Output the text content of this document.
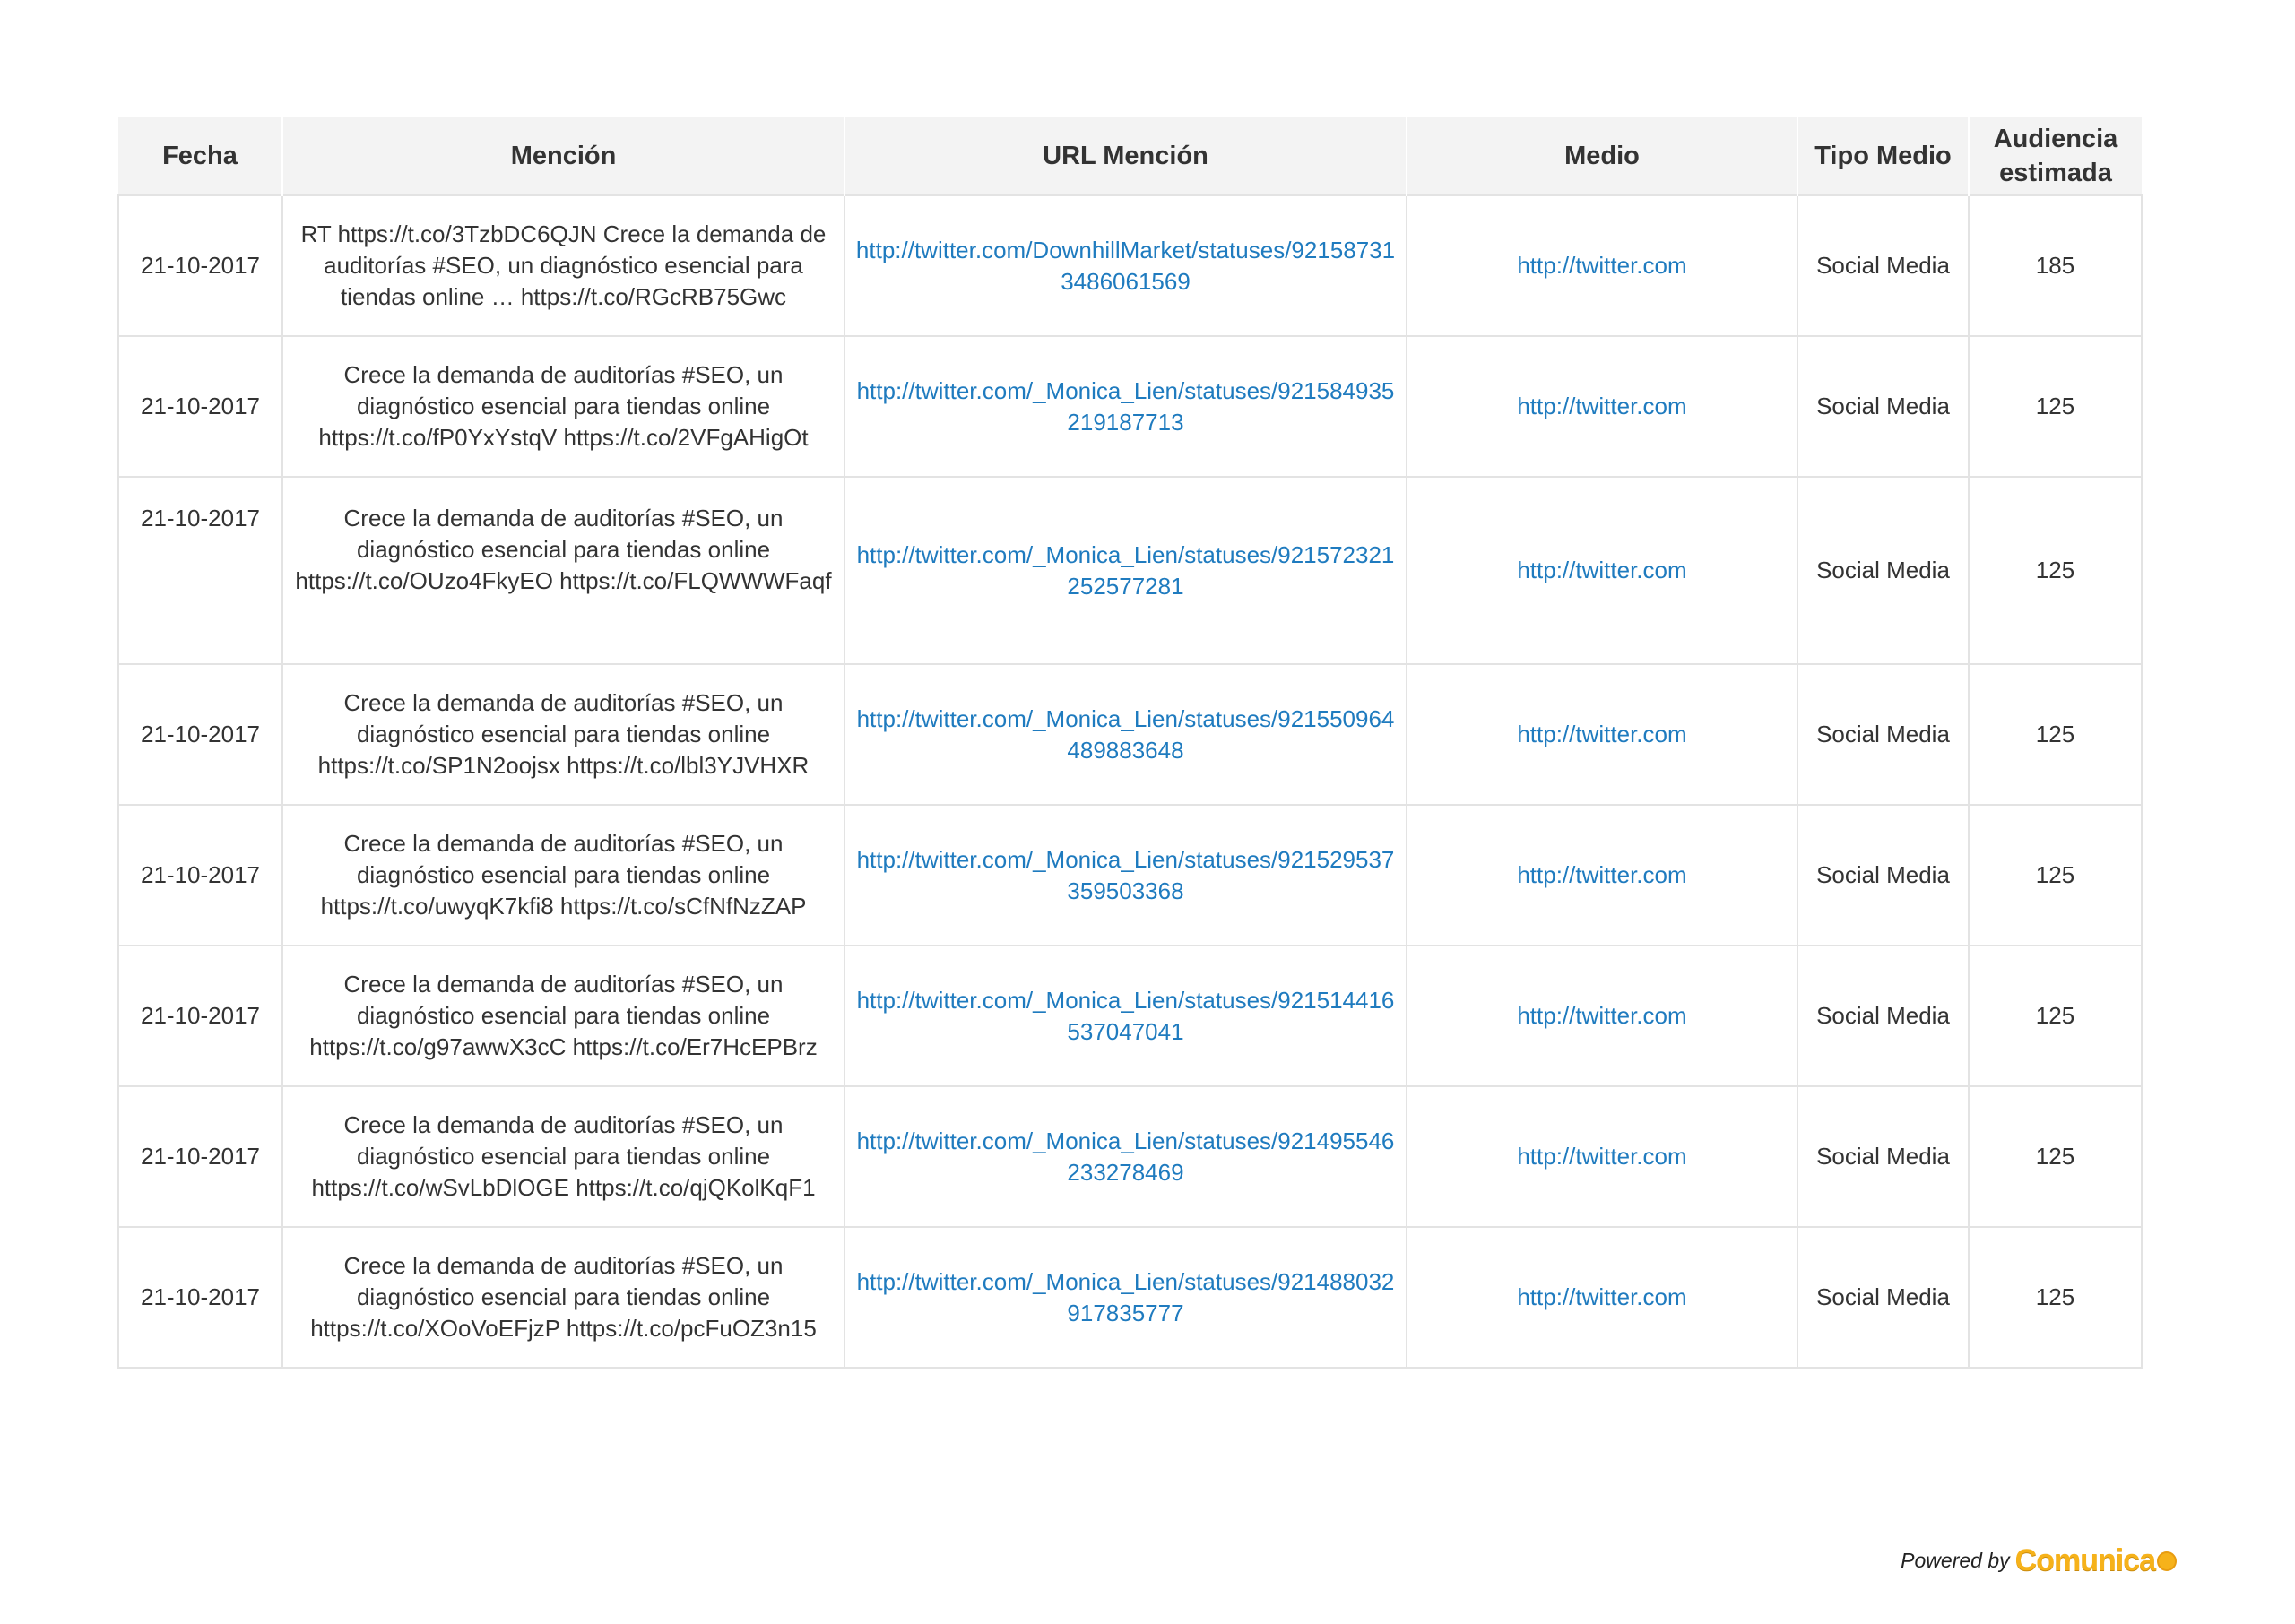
Fecha	Mención	URL Mención	Medio	Tipo Medio	Audiencia
estimada
21-10-2017	RT https://t.co/3TzbDC6QJN Crece la demanda de auditorías #SEO, un diagnóstico esencial para tiendas online … https://t.co/RGcRB75Gwc	http://twitter.com/DownhillMarket/statuses/921587313486061569	http://twitter.com	Social Media	185
21-10-2017	Crece la demanda de auditorías #SEO, un diagnóstico esencial para tiendas online https://t.co/fP0YxYstqV https://t.co/2VFgAHigOt	http://twitter.com/_Monica_Lien/statuses/921584935219187713	http://twitter.com	Social Media	125
21-10-2017	Crece la demanda de auditorías #SEO, un diagnóstico esencial para tiendas online https://t.co/OUzo4FkyEO https://t.co/FLQWWWFaqf	http://twitter.com/_Monica_Lien/statuses/921572321252577281	http://twitter.com	Social Media	125
21-10-2017	Crece la demanda de auditorías #SEO, un diagnóstico esencial para tiendas online https://t.co/SP1N2oojsx https://t.co/lbl3YJVHXR	http://twitter.com/_Monica_Lien/statuses/921550964489883648	http://twitter.com	Social Media	125
21-10-2017	Crece la demanda de auditorías #SEO, un diagnóstico esencial para tiendas online https://t.co/uwyqK7kfi8 https://t.co/sCfNfNzZAP	http://twitter.com/_Monica_Lien/statuses/921529537359503368	http://twitter.com	Social Media	125
21-10-2017	Crece la demanda de auditorías #SEO, un diagnóstico esencial para tiendas online https://t.co/g97awwX3cC https://t.co/Er7HcEPBrz	http://twitter.com/_Monica_Lien/statuses/921514416537047041	http://twitter.com	Social Media	125
21-10-2017	Crece la demanda de auditorías #SEO, un diagnóstico esencial para tiendas online https://t.co/wSvLbDlOGE https://t.co/qjQKolKqF1	http://twitter.com/_Monica_Lien/statuses/921495546233278469	http://twitter.com	Social Media	125
21-10-2017	Crece la demanda de auditorías #SEO, un diagnóstico esencial para tiendas online https://t.co/XOoVoEFjzP https://t.co/pcFuOZ3n15	http://twitter.com/_Monica_Lien/statuses/921488032917835777	http://twitter.com	Social Media	125
Powered by Comunica
